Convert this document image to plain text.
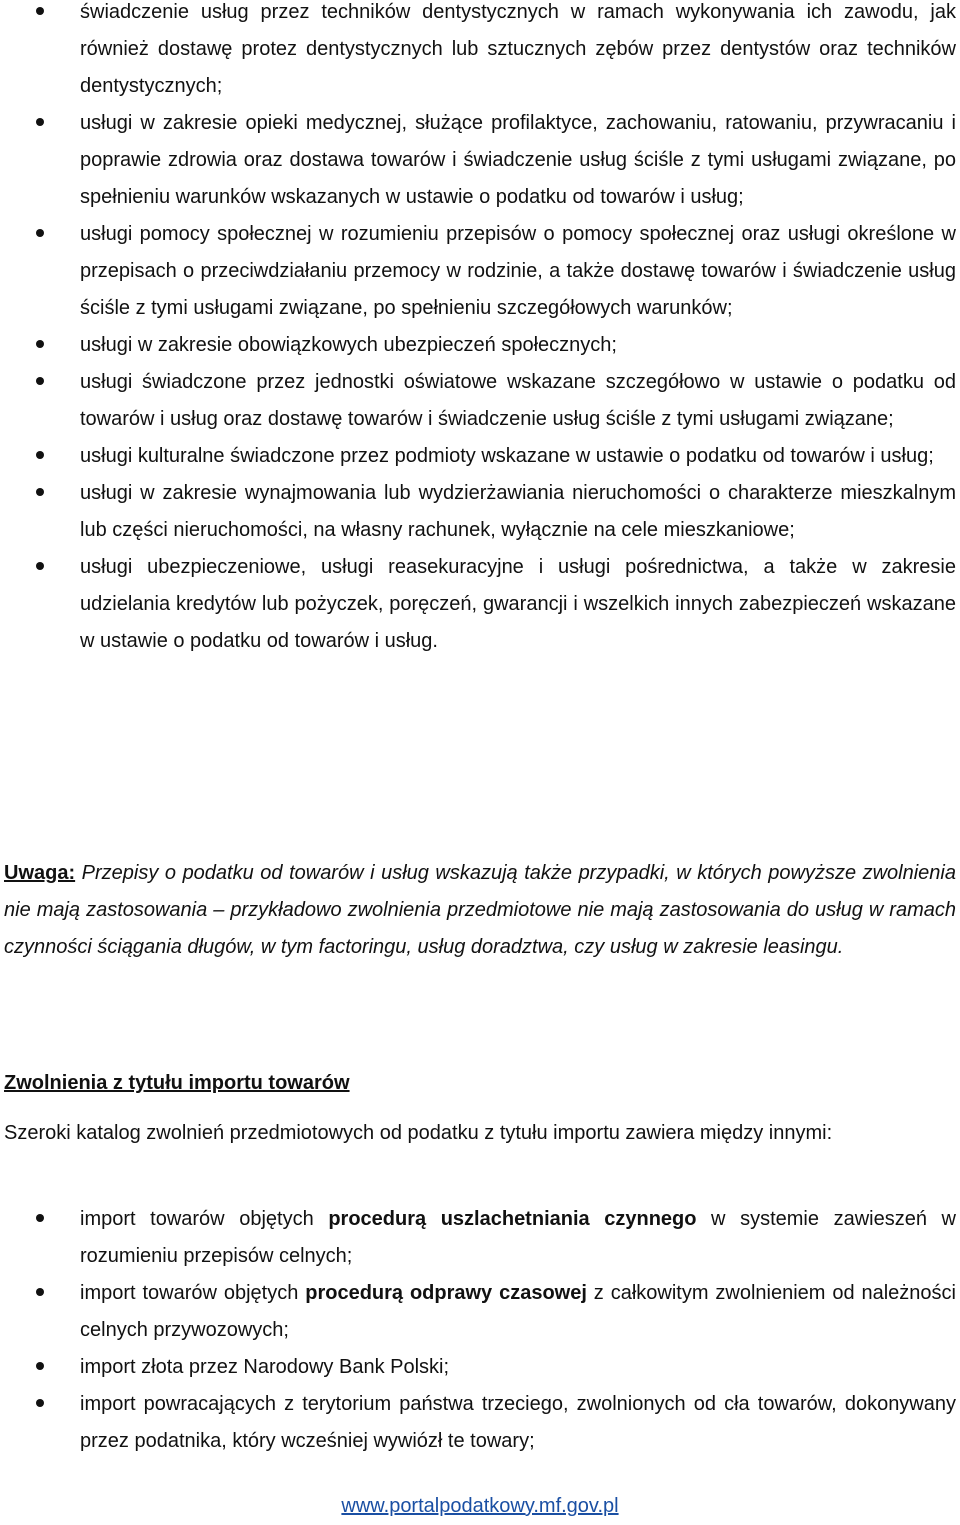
świadczenie usług przez techników dentystycznych w ramach wykonywania ich zawodu, jak również dostawę protez dentystycznych lub sztucznych zębów przez dentystów oraz techników dentystycznych;
usługi w zakresie opieki medycznej, służące profilaktyce, zachowaniu, ratowaniu, przywracaniu i poprawie zdrowia oraz dostawa towarów i świadczenie usług ściśle z tymi usługami związane, po spełnieniu warunków wskazanych w ustawie o podatku od towarów i usług;
usługi pomocy społecznej w rozumieniu przepisów o pomocy społecznej oraz usługi określone w przepisach o przeciwdziałaniu przemocy w rodzinie, a także dostawę towarów i świadczenie usług ściśle z tymi usługami związane, po spełnieniu szczegółowych warunków;
usługi w zakresie obowiązkowych ubezpieczeń społecznych;
usługi świadczone przez jednostki oświatowe wskazane szczegółowo w ustawie o podatku od towarów i usług oraz dostawę towarów i świadczenie usług ściśle z tymi usługami związane;
usługi kulturalne świadczone przez podmioty wskazane w ustawie o podatku od towarów i usług;
usługi w zakresie wynajmowania lub wydzierżawiania nieruchomości o charakterze mieszkalnym lub części nieruchomości, na własny rachunek, wyłącznie na cele mieszkaniowe;
usługi ubezpieczeniowe, usługi reasekuracyjne i usługi pośrednictwa, a także w zakresie udzielania kredytów lub pożyczek, poręczeń, gwarancji i wszelkich innych zabezpieczeń wskazane w ustawie o podatku od towarów i usług.

Uwaga: Przepisy o podatku od towarów i usług wskazują także przypadki, w których powyższe zwolnienia nie mają zastosowania – przykładowo zwolnienia przedmiotowe nie mają zastosowania do usług w ramach czynności ściągania długów, w tym factoringu, usług doradztwa, czy usług w zakresie leasingu.

Zwolnienia z tytułu importu towarów

Szeroki katalog zwolnień przedmiotowych od podatku z tytułu importu zawiera między innymi:

import towarów objętych procedurą uszlachetniania czynnego w systemie zawieszeń w rozumieniu przepisów celnych;
import towarów objętych procedurą odprawy czasowej z całkowitym zwolnieniem od należności celnych przywozowych;
import złota przez Narodowy Bank Polski;
import powracających z terytorium państwa trzeciego, zwolnionych od cła towarów, dokonywany przez podatnika, który wcześniej wywiózł te towary;
www.portalpodatkowy.mf.gov.pl
